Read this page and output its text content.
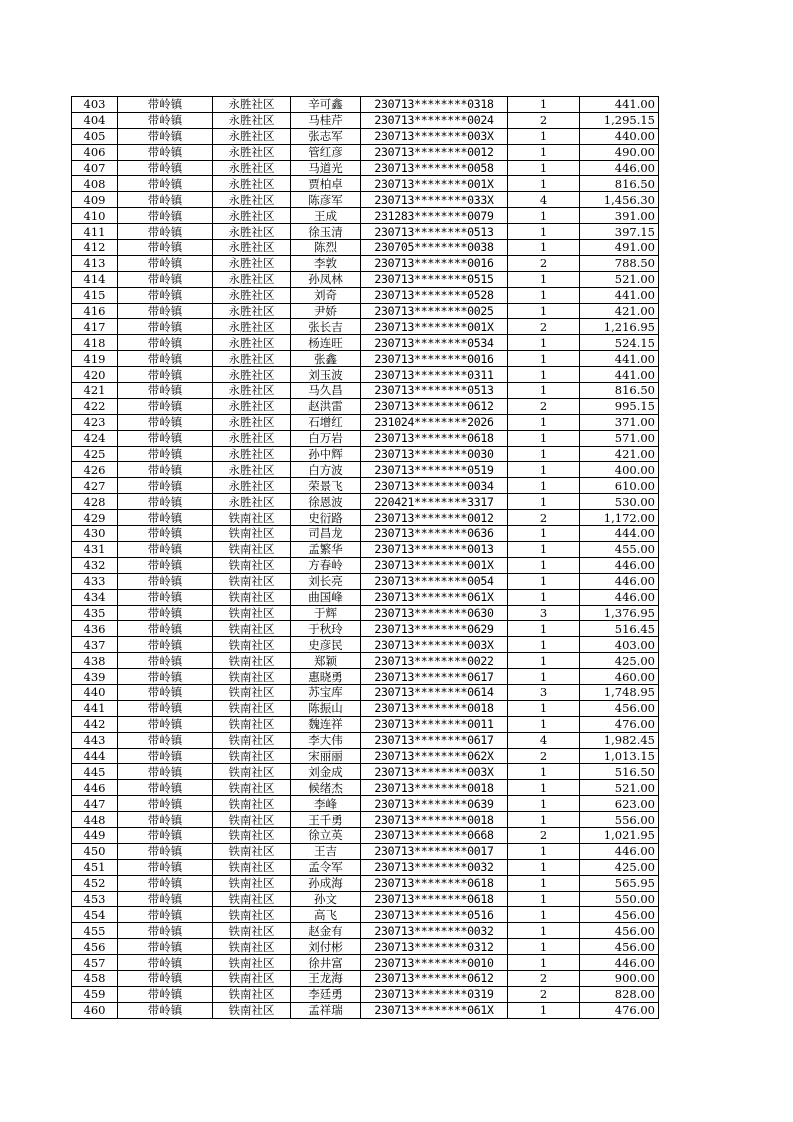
403	带岭镇	永胜社区	辛可鑫	230713********0318	1	441.00
404	带岭镇	永胜社区	马桂芹	230713********0024	2	1,295.15
405	带岭镇	永胜社区	张志军	230713********003X	1	440.00
406	带岭镇	永胜社区	管红彦	230713********0012	1	490.00
407	带岭镇	永胜社区	马道光	230713********0058	1	446.00
408	带岭镇	永胜社区	贾柏卓	230713********001X	1	816.50
409	带岭镇	永胜社区	陈彦军	230713********033X	4	1,456.30
410	带岭镇	永胜社区	王成	231283********0079	1	391.00
411	带岭镇	永胜社区	徐玉清	230713********0513	1	397.15
412	带岭镇	永胜社区	陈烈	230705********0038	1	491.00
413	带岭镇	永胜社区	李敦	230713********0016	2	788.50
414	带岭镇	永胜社区	孙凤林	230713********0515	1	521.00
415	带岭镇	永胜社区	刘奇	230713********0528	1	441.00
416	带岭镇	永胜社区	尹娇	230713********0025	1	421.00
417	带岭镇	永胜社区	张长吉	230713********001X	2	1,216.95
418	带岭镇	永胜社区	杨连旺	230713********0534	1	524.15
419	带岭镇	永胜社区	张鑫	230713********0016	1	441.00
420	带岭镇	永胜社区	刘玉波	230713********0311	1	441.00
421	带岭镇	永胜社区	马久昌	230713********0513	1	816.50
422	带岭镇	永胜社区	赵洪雷	230713********0612	2	995.15
423	带岭镇	永胜社区	石增红	231024********2026	1	371.00
424	带岭镇	永胜社区	白万岩	230713********0618	1	571.00
425	带岭镇	永胜社区	孙中辉	230713********0030	1	421.00
426	带岭镇	永胜社区	白方波	230713********0519	1	400.00
427	带岭镇	永胜社区	荣景飞	230713********0034	1	610.00
428	带岭镇	永胜社区	徐恩波	220421********3317	1	530.00
429	带岭镇	铁南社区	史衍路	230713********0012	2	1,172.00
430	带岭镇	铁南社区	司昌龙	230713********0636	1	444.00
431	带岭镇	铁南社区	孟繁华	230713********0013	1	455.00
432	带岭镇	铁南社区	方春岭	230713********001X	1	446.00
433	带岭镇	铁南社区	刘长亮	230713********0054	1	446.00
434	带岭镇	铁南社区	曲国峰	230713********061X	1	446.00
435	带岭镇	铁南社区	于辉	230713********0630	3	1,376.95
436	带岭镇	铁南社区	于秋玲	230713********0629	1	516.45
437	带岭镇	铁南社区	史彦民	230713********003X	1	403.00
438	带岭镇	铁南社区	郑颖	230713********0022	1	425.00
439	带岭镇	铁南社区	惠晓勇	230713********0617	1	460.00
440	带岭镇	铁南社区	苏宝库	230713********0614	3	1,748.95
441	带岭镇	铁南社区	陈振山	230713********0018	1	456.00
442	带岭镇	铁南社区	魏连祥	230713********0011	1	476.00
443	带岭镇	铁南社区	李大伟	230713********0617	4	1,982.45
444	带岭镇	铁南社区	宋丽丽	230713********062X	2	1,013.15
445	带岭镇	铁南社区	刘金成	230713********003X	1	516.50
446	带岭镇	铁南社区	候绪杰	230713********0018	1	521.00
447	带岭镇	铁南社区	李峰	230713********0639	1	623.00
448	带岭镇	铁南社区	王千勇	230713********0018	1	556.00
449	带岭镇	铁南社区	徐立英	230713********0668	2	1,021.95
450	带岭镇	铁南社区	王吉	230713********0017	1	446.00
451	带岭镇	铁南社区	孟令军	230713********0032	1	425.00
452	带岭镇	铁南社区	孙成海	230713********0618	1	565.95
453	带岭镇	铁南社区	孙文	230713********0618	1	550.00
454	带岭镇	铁南社区	高飞	230713********0516	1	456.00
455	带岭镇	铁南社区	赵金有	230713********0032	1	456.00
456	带岭镇	铁南社区	刘付彬	230713********0312	1	456.00
457	带岭镇	铁南社区	徐井富	230713********0010	1	446.00
458	带岭镇	铁南社区	王龙海	230713********0612	2	900.00
459	带岭镇	铁南社区	李廷勇	230713********0319	2	828.00
460	带岭镇	铁南社区	孟祥瑞	230713********061X	1	476.00
